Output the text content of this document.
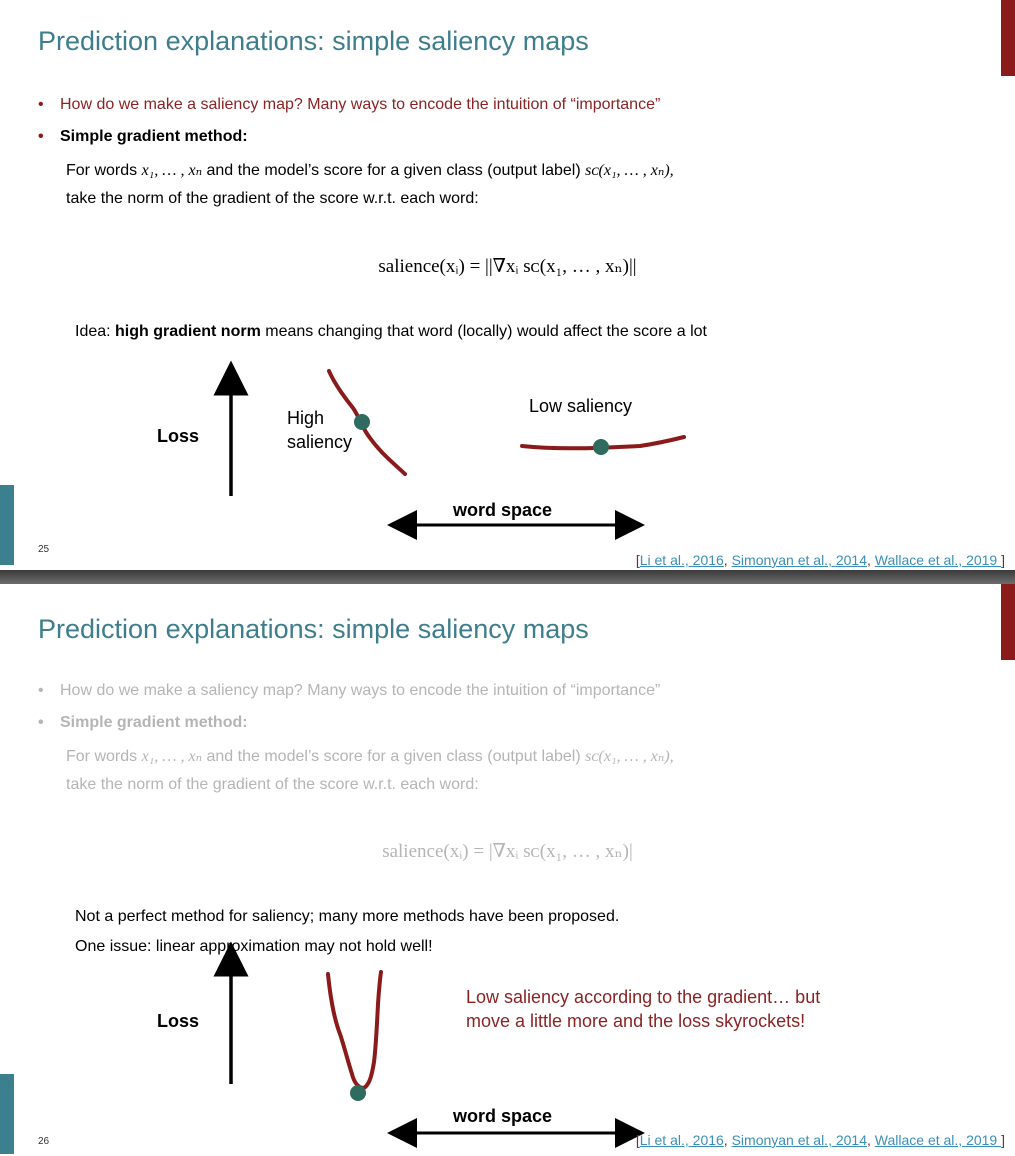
Prediction explanations: simple saliency maps
• How do we make a saliency map? Many ways to encode the intuition of “importance”
• Simple gradient method:
For words x₁, … , xₙ and the model’s score for a given class (output label) sᴄ(x₁, … , xₙ),
take the norm of the gradient of the score w.r.t. each word:
salience(xᵢ) = ||∇xᵢ sᴄ(x₁, … , xₙ)||
Idea: high gradient norm means changing that word (locally) would affect the score a lot
Loss
High
saliency
Low saliency
word space
25
[Li et al., 2016, Simonyan et al., 2014, Wallace et al., 2019 ]
Prediction explanations: simple saliency maps
• How do we make a saliency map? Many ways to encode the intuition of “importance”
• Simple gradient method:
For words x₁, … , xₙ and the model’s score for a given class (output label) sᴄ(x₁, … , xₙ),
take the norm of the gradient of the score w.r.t. each word:
salience(xᵢ) = |∇xᵢ sᴄ(x₁, … , xₙ)|
Not a perfect method for saliency; many more methods have been proposed.
One issue: linear approximation may not hold well!
Loss
Low saliency according to the gradient… but
move a little more and the loss skyrockets!
word space
26	[Li et al., 2016, Simonyan et al., 2014, Wallace et al., 2019 ]
